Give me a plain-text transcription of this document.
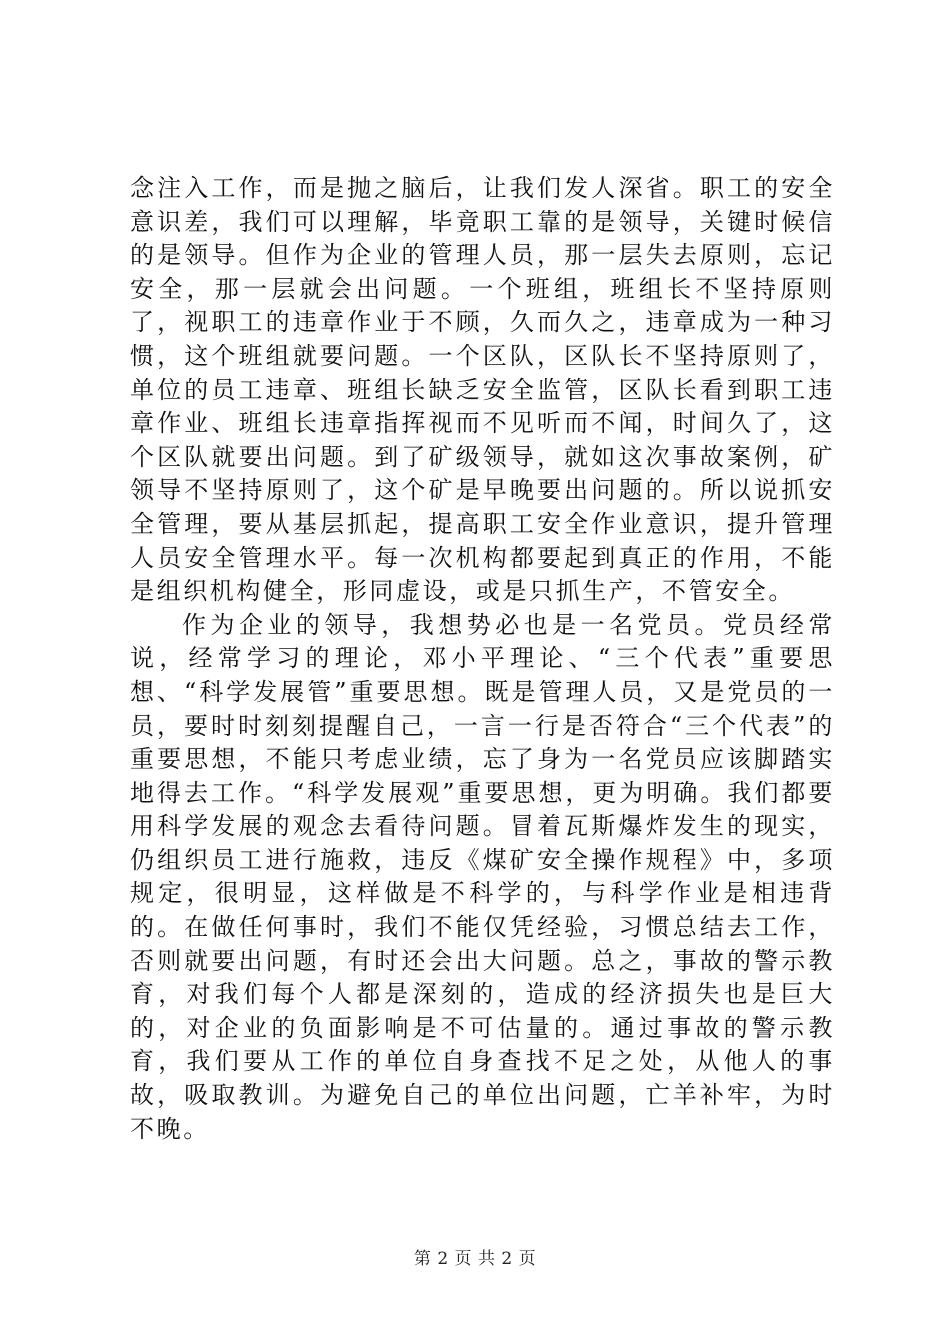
念注入工作，而是抛之脑后，让我们发人深省。职工的安全意识差，我们可以理解，毕竟职工靠的是领导，关键时候信的是领导。但作为企业的管理人员，那一层失去原则，忘记安全，那一层就会出问题。一个班组，班组长不坚持原则了，视职工的违章作业于不顾，久而久之，违章成为一种习惯，这个班组就要问题。一个区队，区队长不坚持原则了，单位的员工违章、班组长缺乏安全监管，区队长看到职工违章作业、班组长违章指挥视而不见听而不闻，时间久了，这个区队就要出问题。到了矿级领导，就如这次事故案例，矿领导不坚持原则了，这个矿是早晚要出问题的。所以说抓安全管理，要从基层抓起，提高职工安全作业意识，提升管理人员安全管理水平。每一次机构都要起到真正的作用，不能是组织机构健全，形同虚设，或是只抓生产，不管安全。

作为企业的领导，我想势必也是一名党员。党员经常说，经常学习的理论，邓小平理论、“三个代表”重要思想、“科学发展管”重要思想。既是管理人员，又是党员的一员，要时时刻刻提醒自己，一言一行是否符合“三个代表”的重要思想，不能只考虑业绩，忘了身为一名党员应该脚踏实地得去工作。“科学发展观”重要思想，更为明确。我们都要用科学发展的观念去看待问题。冒着瓦斯爆炸发生的现实，仍组织员工进行施救，违反《煤矿安全操作规程》中，多项规定，很明显，这样做是不科学的，与科学作业是相违背的。在做任何事时，我们不能仅凭经验，习惯总结去工作，否则就要出问题，有时还会出大问题。总之，事故的警示教育，对我们每个人都是深刻的，造成的经济损失也是巨大的，对企业的负面影响是不可估量的。通过事故的警示教育，我们要从工作的单位自身查找不足之处，从他人的事故，吸取教训。为避免自己的单位出问题，亡羊补牢，为时不晚。

第 2 页 共 2 页
